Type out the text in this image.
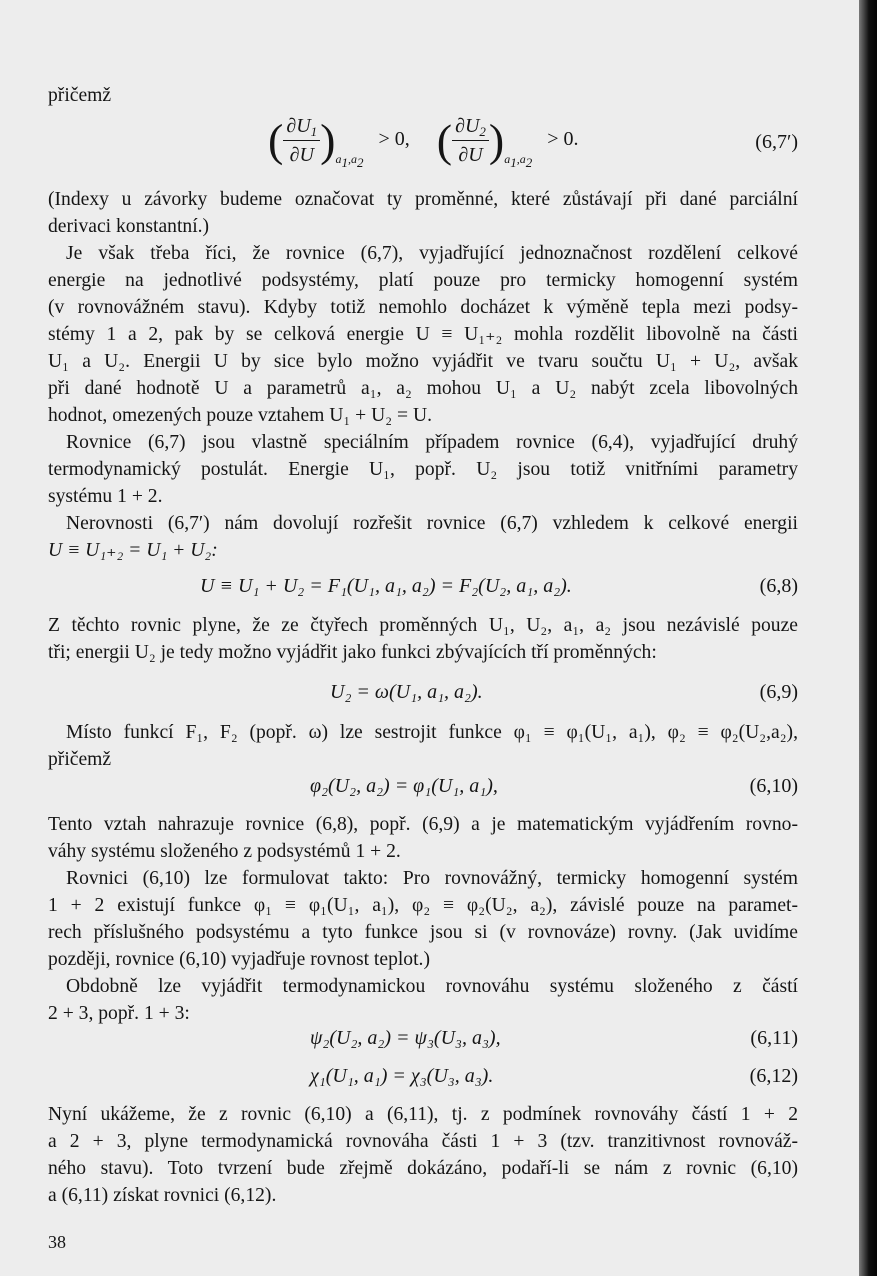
přičemž
( $\frac{\partial U_1}{\partial U} )_{a_1,a_2} > 0$, ( $\frac{\partial U_2}{\partial U} )_{a_1,a_2} > 0$.	(6,7′)
(Indexy u závorky budeme označovat ty proměnné, které zůstávají při dané parciální
derivaci konstantní.)
Je však třeba říci, že rovnice (6,7), vyjadřující jednoznačnost rozdělení celkové
energie na jednotlivé podsystémy, platí pouze pro termicky homogenní systém
(v rovnovážném stavu). Kdyby totiž nemohlo docházet k výměně tepla mezi podsy-
stémy 1 a 2, pak by se celková energie U ≡ U₁₊₂ mohla rozdělit libovolně na části
U₁ a U₂. Energii U by sice bylo možno vyjádřit ve tvaru součtu U₁ + U₂, avšak
při dané hodnotě U a parametrů a₁, a₂ mohou U₁ a U₂ nabýt zcela libovolných
hodnot, omezených pouze vztahem U₁ + U₂ = U.
Rovnice (6,7) jsou vlastně speciálním případem rovnice (6,4), vyjadřující druhý
termodynamický postulát. Energie U₁, popř. U₂ jsou totiž vnitřními parametry
systému 1 + 2.
Nerovnosti (6,7′) nám dovolují rozřešit rovnice (6,7) vzhledem k celkové energii
U ≡ U₁₊₂ = U₁ + U₂:
U ≡ U₁ + U₂ = F₁(U₁, a₁, a₂) = F₂(U₂, a₁, a₂).	(6,8)
Z těchto rovnic plyne, že ze čtyřech proměnných U₁, U₂, a₁, a₂ jsou nezávislé pouze
tři; energii U₂ je tedy možno vyjádřit jako funkci zbývajících tří proměnných:
U₂ = ω(U₁, a₁, a₂).	(6,9)
Místo funkcí F₁, F₂ (popř. ω) lze sestrojit funkce φ₁ ≡ φ₁(U₁, a₁), φ₂ ≡ φ₂(U₂,a₂),
přičemž
φ₂(U₂, a₂) = φ₁(U₁, a₁),	(6,10)
Tento vztah nahrazuje rovnice (6,8), popř. (6,9) a je matematickým vyjádřením rovno-
váhy systému složeného z podsystémů 1 + 2.
Rovnici (6,10) lze formulovat takto: Pro rovnovážný, termicky homogenní systém
1 + 2 existují funkce φ₁ ≡ φ₁(U₁, a₁), φ₂ ≡ φ₂(U₂, a₂), závislé pouze na paramet-
rech příslušného podsystému a tyto funkce jsou si (v rovnováze) rovny. (Jak uvidíme
později, rovnice (6,10) vyjadřuje rovnost teplot.)
Obdobně lze vyjádřit termodynamickou rovnováhu systému složeného z částí
2 + 3, popř. 1 + 3:
ψ₂(U₂, a₂) = ψ₃(U₃, a₃),	(6,11)
χ₁(U₁, a₁) = χ₃(U₃, a₃).	(6,12)
Nyní ukážeme, že z rovnic (6,10) a (6,11), tj. z podmínek rovnováhy částí 1 + 2
a 2 + 3, plyne termodynamická rovnováha části 1 + 3 (tzv. tranzitivnost rovnováž-
ného stavu). Toto tvrzení bude zřejmě dokázáno, podaří-li se nám z rovnic (6,10)
a (6,11) získat rovnici (6,12).
38
